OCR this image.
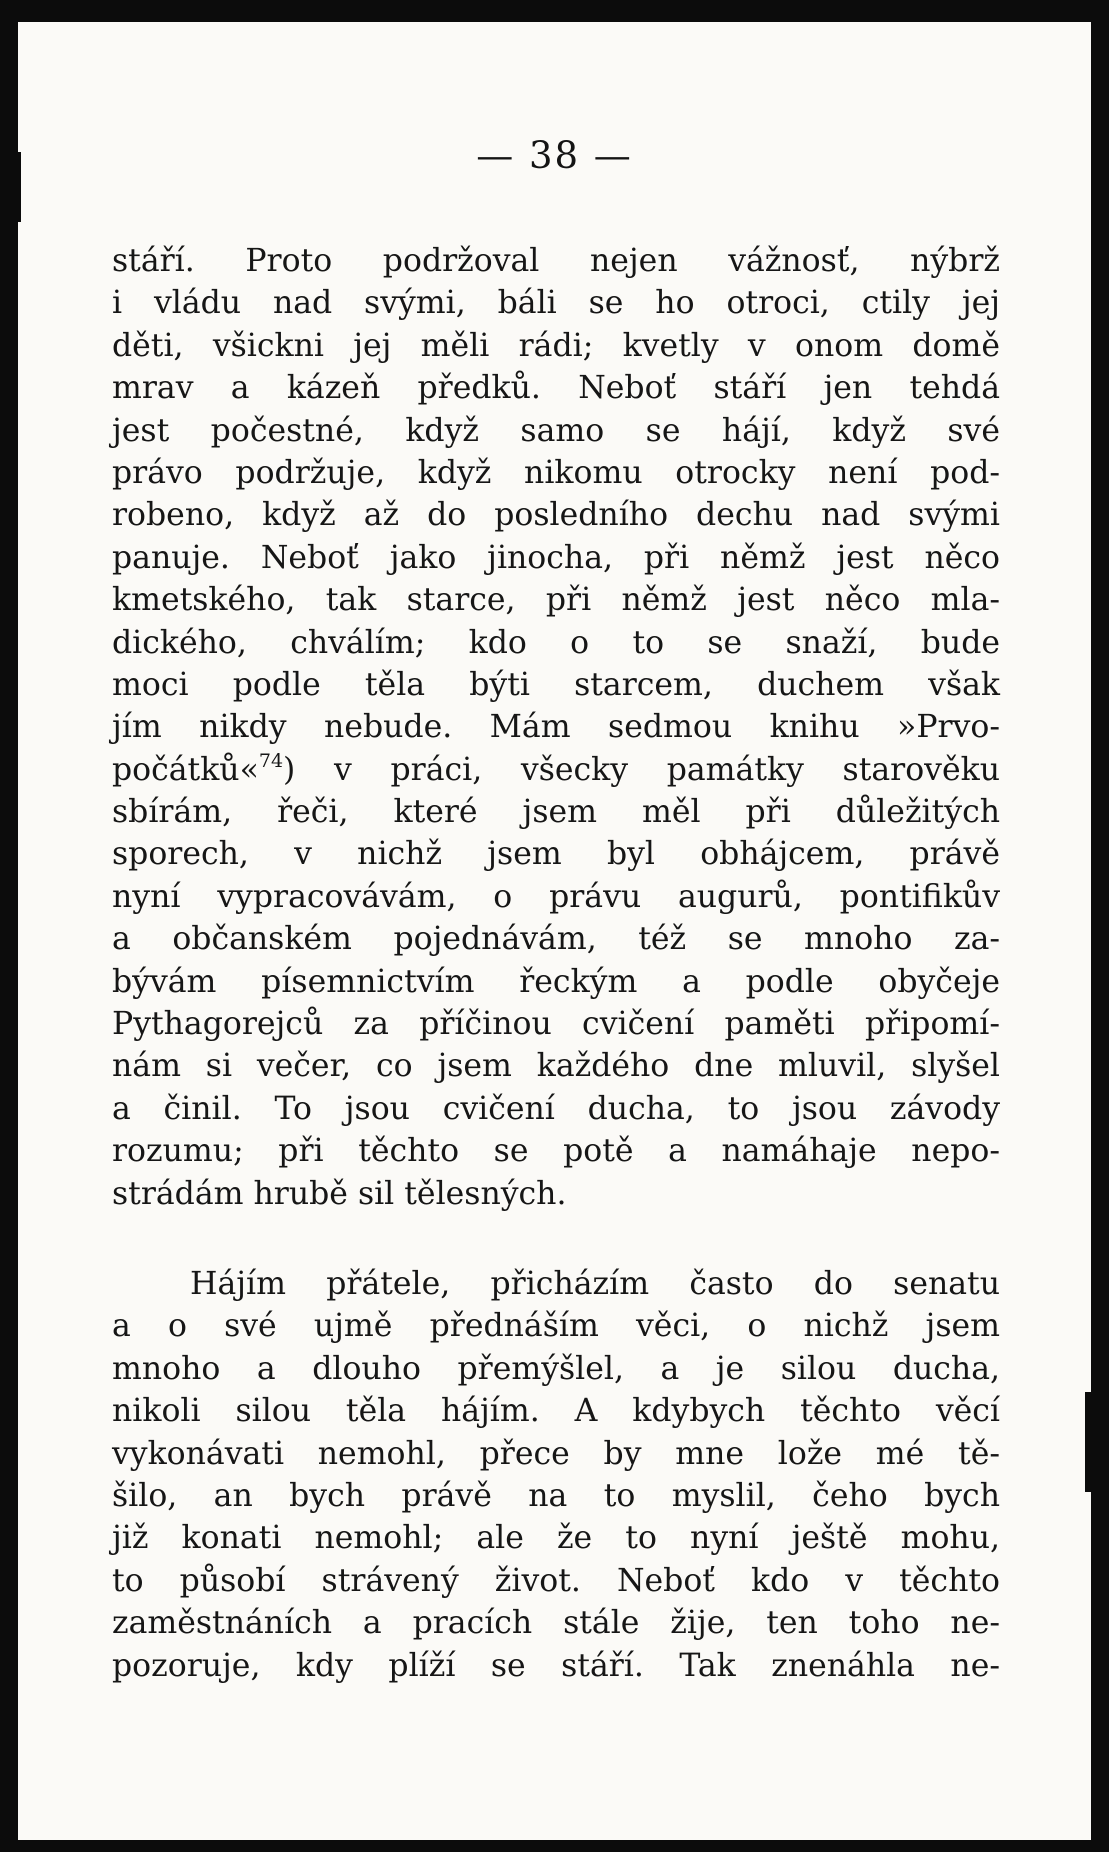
— 38 —
stáří. Proto podržoval nejen vážnosť, nýbrž
i vládu nad svými, báli se ho otroci, ctily jej
děti, všickni jej měli rádi; kvetly v onom domě
mrav a kázeň předků. Neboť stáří jen tehdá
jest počestné, když samo se hájí, když své
právo podržuje, když nikomu otrocky není pod-
robeno, když až do posledního dechu nad svými
panuje. Neboť jako jinocha, při němž jest něco
kmetského, tak starce, při němž jest něco mla-
dického, chválím; kdo o to se snaží, bude
moci podle těla býti starcem, duchem však
jím nikdy nebude. Mám sedmou knihu »Prvo-
počátků«$^{74}$) v práci, všecky památky starověku
sbírám, řeči, které jsem měl při důležitých
sporech, v nichž jsem byl obhájcem, právě
nyní vypracovávám, o právu augurů, pontifikův
a občanském pojednávám, též se mnoho za-
bývám písemnictvím řeckým a podle obyčeje
Pythagorejců za příčinou cvičení paměti připomí-
nám si večer, co jsem každého dne mluvil, slyšel
a činil. To jsou cvičení ducha, to jsou závody
rozumu; při těchto se potě a namáhaje nepo-
strádám hrubě sil tělesných.
Hájím přátele, přicházím často do senatu
a o své ujmě přednáším věci, o nichž jsem
mnoho a dlouho přemýšlel, a je silou ducha,
nikoli silou těla hájím. A kdybych těchto věcí
vykonávati nemohl, přece by mne lože mé tě-
šilo, an bych právě na to myslil, čeho bych
již konati nemohl; ale že to nyní ještě mohu,
to působí strávený život. Neboť kdo v těchto
zaměstnáních a pracích stále žije, ten toho ne-
pozoruje, kdy plíží se stáří. Tak znenáhla ne-
